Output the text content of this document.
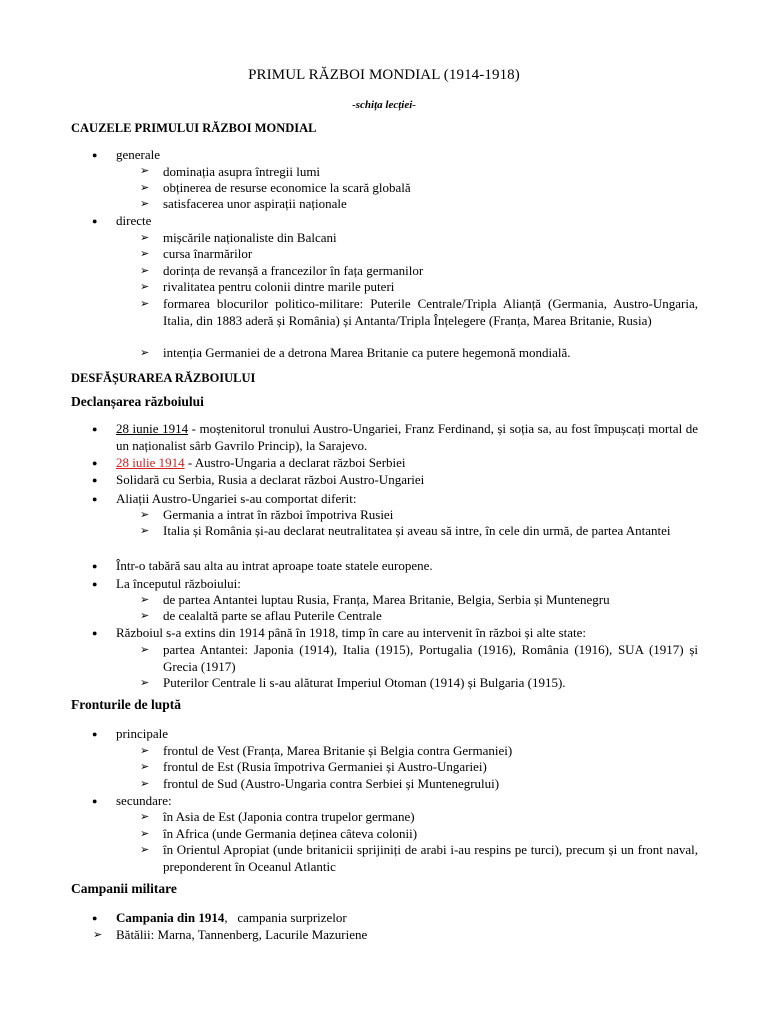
PRIMUL RĂZBOI MONDIAL (1914-1918)
-schița lecției-
CAUZELE PRIMULUI RĂZBOI MONDIAL
● generale
➢ dominația asupra întregii lumi
➢ obținerea de resurse economice la scară globală
➢ satisfacerea unor aspirații naționale
● directe
➢ mișcările naționaliste din Balcani
➢ cursa înarmărilor
➢ dorința de revanșă a francezilor în fața germanilor
➢ rivalitatea pentru colonii dintre marile puteri
➢ formarea blocurilor politico-militare: Puterile Centrale/Tripla Alianță (Germania, Austro-Ungaria, Italia, din 1883 aderă și România) și Antanta/Tripla Înțelegere (Franța, Marea Britanie, Rusia)
➢ intenția Germaniei de a detrona Marea Britanie ca putere hegemonă mondială.
DESFĂȘURAREA RĂZBOIULUI
Declanșarea războiului
● 28 iunie 1914 - moștenitorul tronului Austro-Ungariei, Franz Ferdinand, și soția sa, au fost împușcați mortal de un naționalist sârb Gavrilo Princip), la Sarajevo.
● 28 iulie 1914 - Austro-Ungaria a declarat război Serbiei
● Solidară cu Serbia, Rusia a declarat război Austro-Ungariei
● Aliații Austro-Ungariei s-au comportat diferit:
➢ Germania a intrat în război împotriva Rusiei
➢ Italia și România și-au declarat neutralitatea și aveau să intre, în cele din urmă, de partea Antantei
● Într-o tabără sau alta au intrat aproape toate statele europene.
● La începutul războiului:
➢ de partea Antantei luptau Rusia, Franța, Marea Britanie, Belgia, Serbia și Muntenegru
➢ de cealaltă parte se aflau Puterile Centrale
● Războiul s-a extins din 1914 până în 1918, timp în care au intervenit în război și alte state:
➢ partea Antantei: Japonia (1914), Italia (1915), Portugalia (1916), România (1916), SUA (1917) și Grecia (1917)
➢ Puterilor Centrale li s-au alăturat Imperiul Otoman (1914) și Bulgaria (1915).
Fronturile de luptă
● principale
➢ frontul de Vest (Franța, Marea Britanie și Belgia contra Germaniei)
➢ frontul de Est (Rusia împotriva Germaniei și Austro-Ungariei)
➢ frontul de Sud (Austro-Ungaria contra Serbiei și Muntenegrului)
● secundare:
➢ în Asia de Est (Japonia contra trupelor germane)
➢ în Africa (unde Germania deținea câteva colonii)
➢ în Orientul Apropiat (unde britanicii sprijiniți de arabi i-au respins pe turci), precum și un front naval, preponderent în Oceanul Atlantic
Campanii militare
● Campania din 1914,   campania surprizelor
➢ Bătălii: Marna, Tannenberg, Lacurile Mazuriene
